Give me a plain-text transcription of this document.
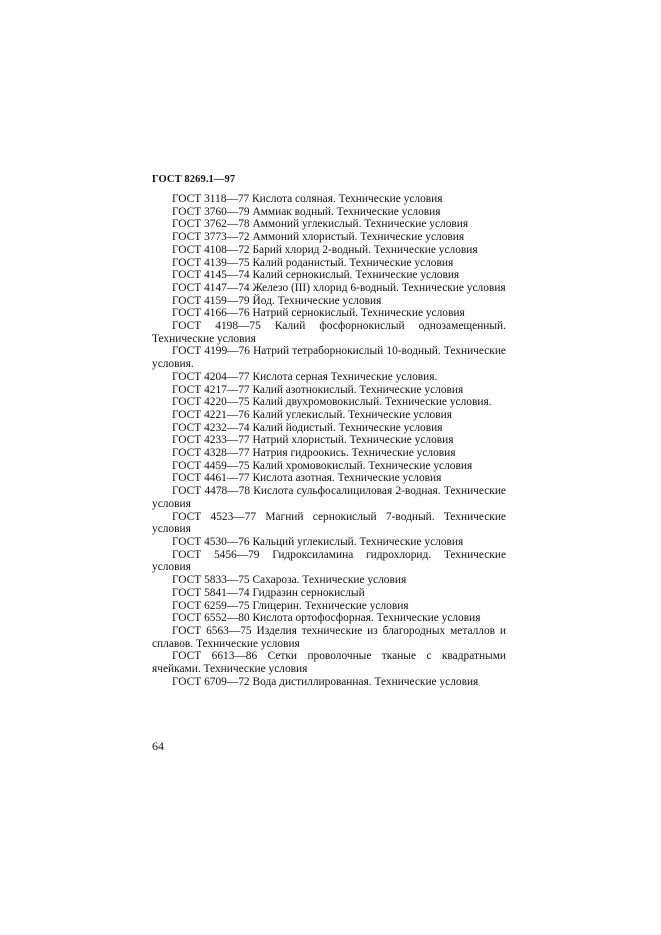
ГОСТ 8269.1—97

ГОСТ 3118—77 Кислота соляная. Технические условия

ГОСТ 3760—79 Аммиак водный. Технические условия

ГОСТ 3762—78 Аммоний углекислый. Технические условия

ГОСТ 3773—72 Аммоний хлористый. Технические условия

ГОСТ 4108—72 Барий хлорид 2-водный. Технические условия

ГОСТ 4139—75 Калий роданистый. Технические условия

ГОСТ 4145—74 Калий сернокислый. Технические условия

ГОСТ 4147—74 Железо (III) хлорид 6-водный. Технические условия

ГОСТ 4159—79 Йод. Технические условия

ГОСТ 4166—76 Натрий сернокислый. Технические условия

ГОСТ 4198—75 Калий фосфорнокислый однозамещенный. Технические условия

ГОСТ 4199—76 Натрий тетраборнокислый 10-водный. Технические условия.

ГОСТ 4204—77 Кислота серная Технические условия.

ГОСТ 4217—77 Калий азотнокислый. Технические условия

ГОСТ 4220—75 Калий двухромовокислый. Технические условия.

ГОСТ 4221—76 Калий углекислый. Технические условия

ГОСТ 4232—74 Калий йодистый. Технические условия

ГОСТ 4233—77 Натрий хлористый. Технические условия

ГОСТ 4328—77 Натрия гидроокись. Технические условия

ГОСТ 4459—75 Калий хромовокислый. Технические условия

ГОСТ 4461—77 Кислота азотная. Технические условия

ГОСТ 4478—78 Кислота сульфосалициловая 2-водная. Технические условия

ГОСТ 4523—77 Магний сернокислый 7-водный. Технические условия

ГОСТ 4530—76 Кальций углекислый. Технические условия

ГОСТ 5456—79 Гидроксиламина гидрохлорид. Технические условия

ГОСТ 5833—75 Сахароза. Технические условия

ГОСТ 5841—74 Гидразин сернокислый

ГОСТ 6259—75 Глицерин. Технические условия

ГОСТ 6552—80 Кислота ортофосфорная. Технические условия

ГОСТ 6563—75 Изделия технические из благородных металлов и сплавов. Технические условия

ГОСТ 6613—86 Сетки проволочные тканые с квадратными ячейками. Технические условия

ГОСТ 6709—72 Вода дистиллированная. Технические условия

64
